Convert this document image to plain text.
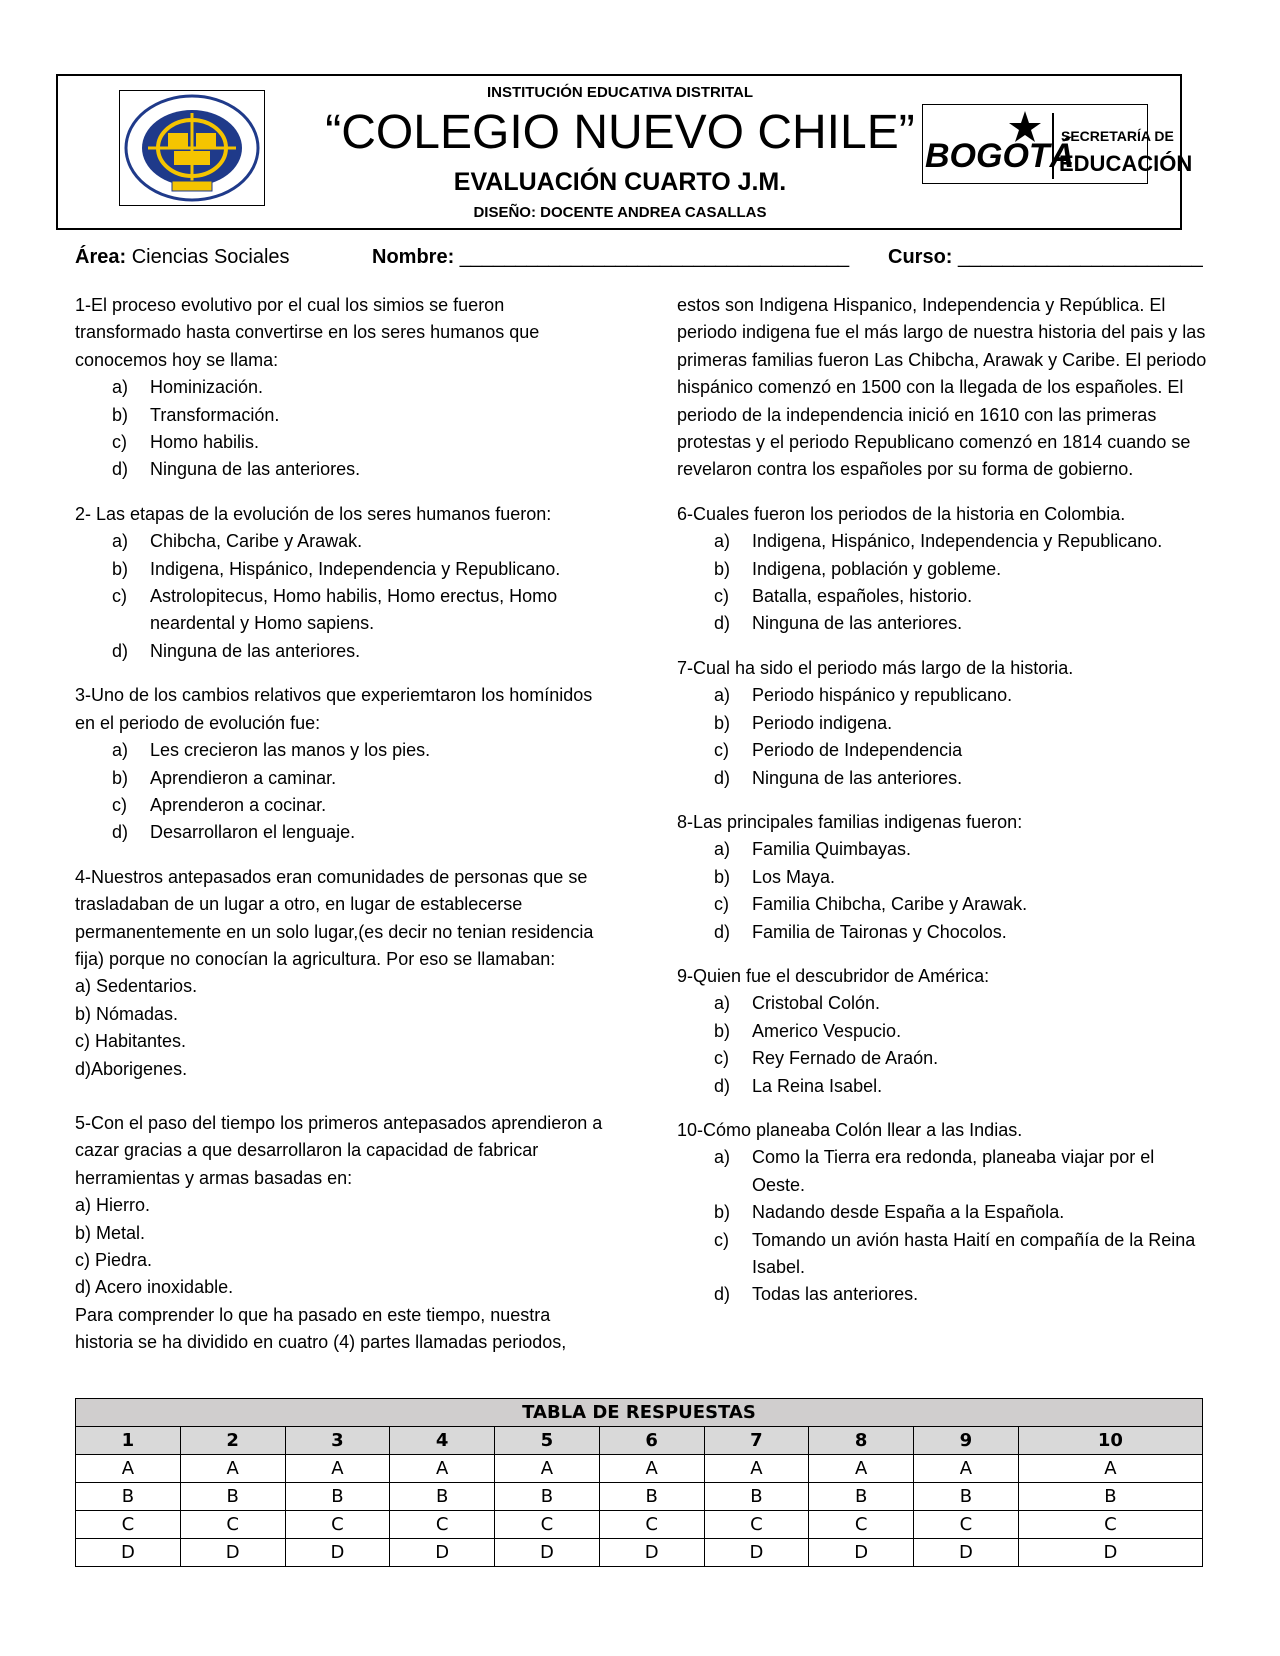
INSTITUCIÓN EDUCATIVA DISTRITAL
“COLEGIO NUEVO CHILE”
EVALUACIÓN CUARTO J.M.
DISEÑO: DOCENTE ANDREA CASALLAS
BOGOTÁ
SECRETARÍA DE
EDUCACIÓN
Área: Ciencias Sociales	Nombre: ___________________________________ Curso: ______________________

1-El proceso evolutivo por el cual los simios se fueron transformado hasta convertirse en los seres humanos que conocemos hoy se llama:

a) Hominización.
b) Transformación.
c) Homo habilis.
d) Ninguna de las anteriores.

2- Las etapas de la evolución de los seres humanos fueron:

a) Chibcha, Caribe y Arawak.
b) Indigena, Hispánico, Independencia y Republicano.
c) Astrolopitecus, Homo habilis, Homo erectus, Homo neardental y Homo sapiens.
d) Ninguna de las anteriores.

3-Uno de los cambios relativos que experiemtaron los homínidos en el periodo de evolución fue:

a) Les crecieron las manos y los pies.
b) Aprendieron a caminar.
c) Aprenderon a cocinar.
d) Desarrollaron el lenguaje.

4-Nuestros antepasados eran comunidades de personas que se trasladaban de un lugar a otro, en lugar de establecerse permanentemente en un solo lugar,(es decir no tenian residencia fija) porque no conocían la agricultura. Por eso se llamaban:

a) Sedentarios.

b) Nómadas.

c) Habitantes.

d)Aborigenes.

5-Con el paso del tiempo los primeros antepasados aprendieron a cazar gracias a que desarrollaron la capacidad de fabricar herramientas y armas basadas en:

a) Hierro.

b) Metal.

c) Piedra.

d) Acero inoxidable.

Para comprender lo que ha pasado en este tiempo, nuestra historia se ha dividido en cuatro (4) partes llamadas periodos,

estos son Indigena Hispanico, Independencia y República. El periodo indigena fue el más largo de nuestra historia del pais y las primeras familias fueron Las Chibcha, Arawak y Caribe. El periodo hispánico comenzó en 1500 con la llegada de los españoles. El periodo de la independencia inició en 1610 con las primeras protestas y el periodo Republicano comenzó en 1814 cuando se revelaron contra los españoles por su forma de gobierno.

6-Cuales fueron los periodos de la historia en Colombia.

a) Indigena, Hispánico, Independencia y Republicano.
b) Indigena, población y gobleme.
c) Batalla, españoles, historio.
d) Ninguna de las anteriores.

7-Cual ha sido el periodo más largo de la historia.

a) Periodo hispánico y republicano.
b) Periodo indigena.
c) Periodo de Independencia
d) Ninguna de las anteriores.

8-Las principales familias indigenas fueron:

a) Familia Quimbayas.
b) Los Maya.
c) Familia Chibcha, Caribe y Arawak.
d) Familia de Taironas y Chocolos.

9-Quien fue el descubridor de América:

a) Cristobal Colón.
b) Americo Vespucio.
c) Rey Fernado de Araón.
d) La Reina Isabel.

10-Cómo planeaba Colón llear a las Indias.

a) Como la Tierra era redonda, planeaba viajar por el Oeste.
b) Nadando desde España a la Española.
c) Tomando un avión hasta Haití en compañía de la Reina Isabel.
d) Todas las anteriores.
TABLA DE RESPUESTAS									
1	2	3	4	5	6	7	8	9	10
A	A	A	A	A	A	A	A	A	A
B	B	B	B	B	B	B	B	B	B
C	C	C	C	C	C	C	C	C	C
D	D	D	D	D	D	D	D	D	D
